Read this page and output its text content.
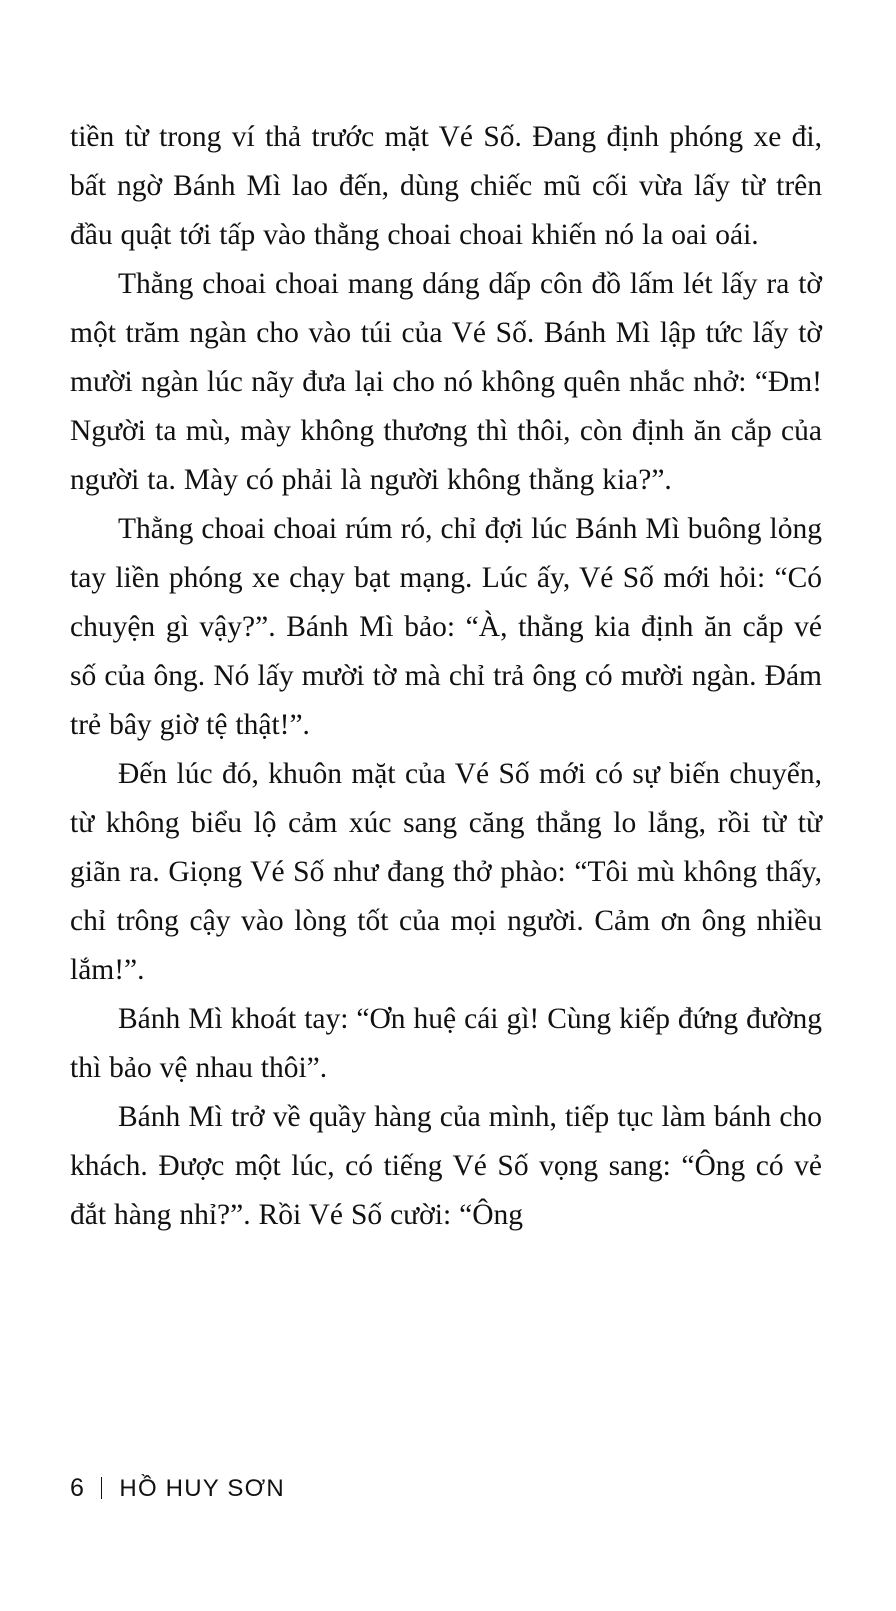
tiền từ trong ví thả trước mặt Vé Số. Đang định phóng xe đi, bất ngờ Bánh Mì lao đến, dùng chiếc mũ cối vừa lấy từ trên đầu quật tới tấp vào thằng choai choai khiến nó la oai oái.

Thằng choai choai mang dáng dấp côn đồ lấm lét lấy ra tờ một trăm ngàn cho vào túi của Vé Số. Bánh Mì lập tức lấy tờ mười ngàn lúc nãy đưa lại cho nó không quên nhắc nhở: “Đm! Người ta mù, mày không thương thì thôi, còn định ăn cắp của người ta. Mày có phải là người không thằng kia?”.

Thằng choai choai rúm ró, chỉ đợi lúc Bánh Mì buông lỏng tay liền phóng xe chạy bạt mạng. Lúc ấy, Vé Số mới hỏi: “Có chuyện gì vậy?”. Bánh Mì bảo: “À, thằng kia định ăn cắp vé số của ông. Nó lấy mười tờ mà chỉ trả ông có mười ngàn. Đám trẻ bây giờ tệ thật!”.

Đến lúc đó, khuôn mặt của Vé Số mới có sự biến chuyển, từ không biểu lộ cảm xúc sang căng thẳng lo lắng, rồi từ từ giãn ra. Giọng Vé Số như đang thở phào: “Tôi mù không thấy, chỉ trông cậy vào lòng tốt của mọi người. Cảm ơn ông nhiều lắm!”.

Bánh Mì khoát tay: “Ơn huệ cái gì! Cùng kiếp đứng đường thì bảo vệ nhau thôi”.

Bánh Mì trở về quầy hàng của mình, tiếp tục làm bánh cho khách. Được một lúc, có tiếng Vé Số vọng sang: “Ông có vẻ đắt hàng nhỉ?”. Rồi Vé Số cười: “Ông

6 HỒ HUY SƠN
